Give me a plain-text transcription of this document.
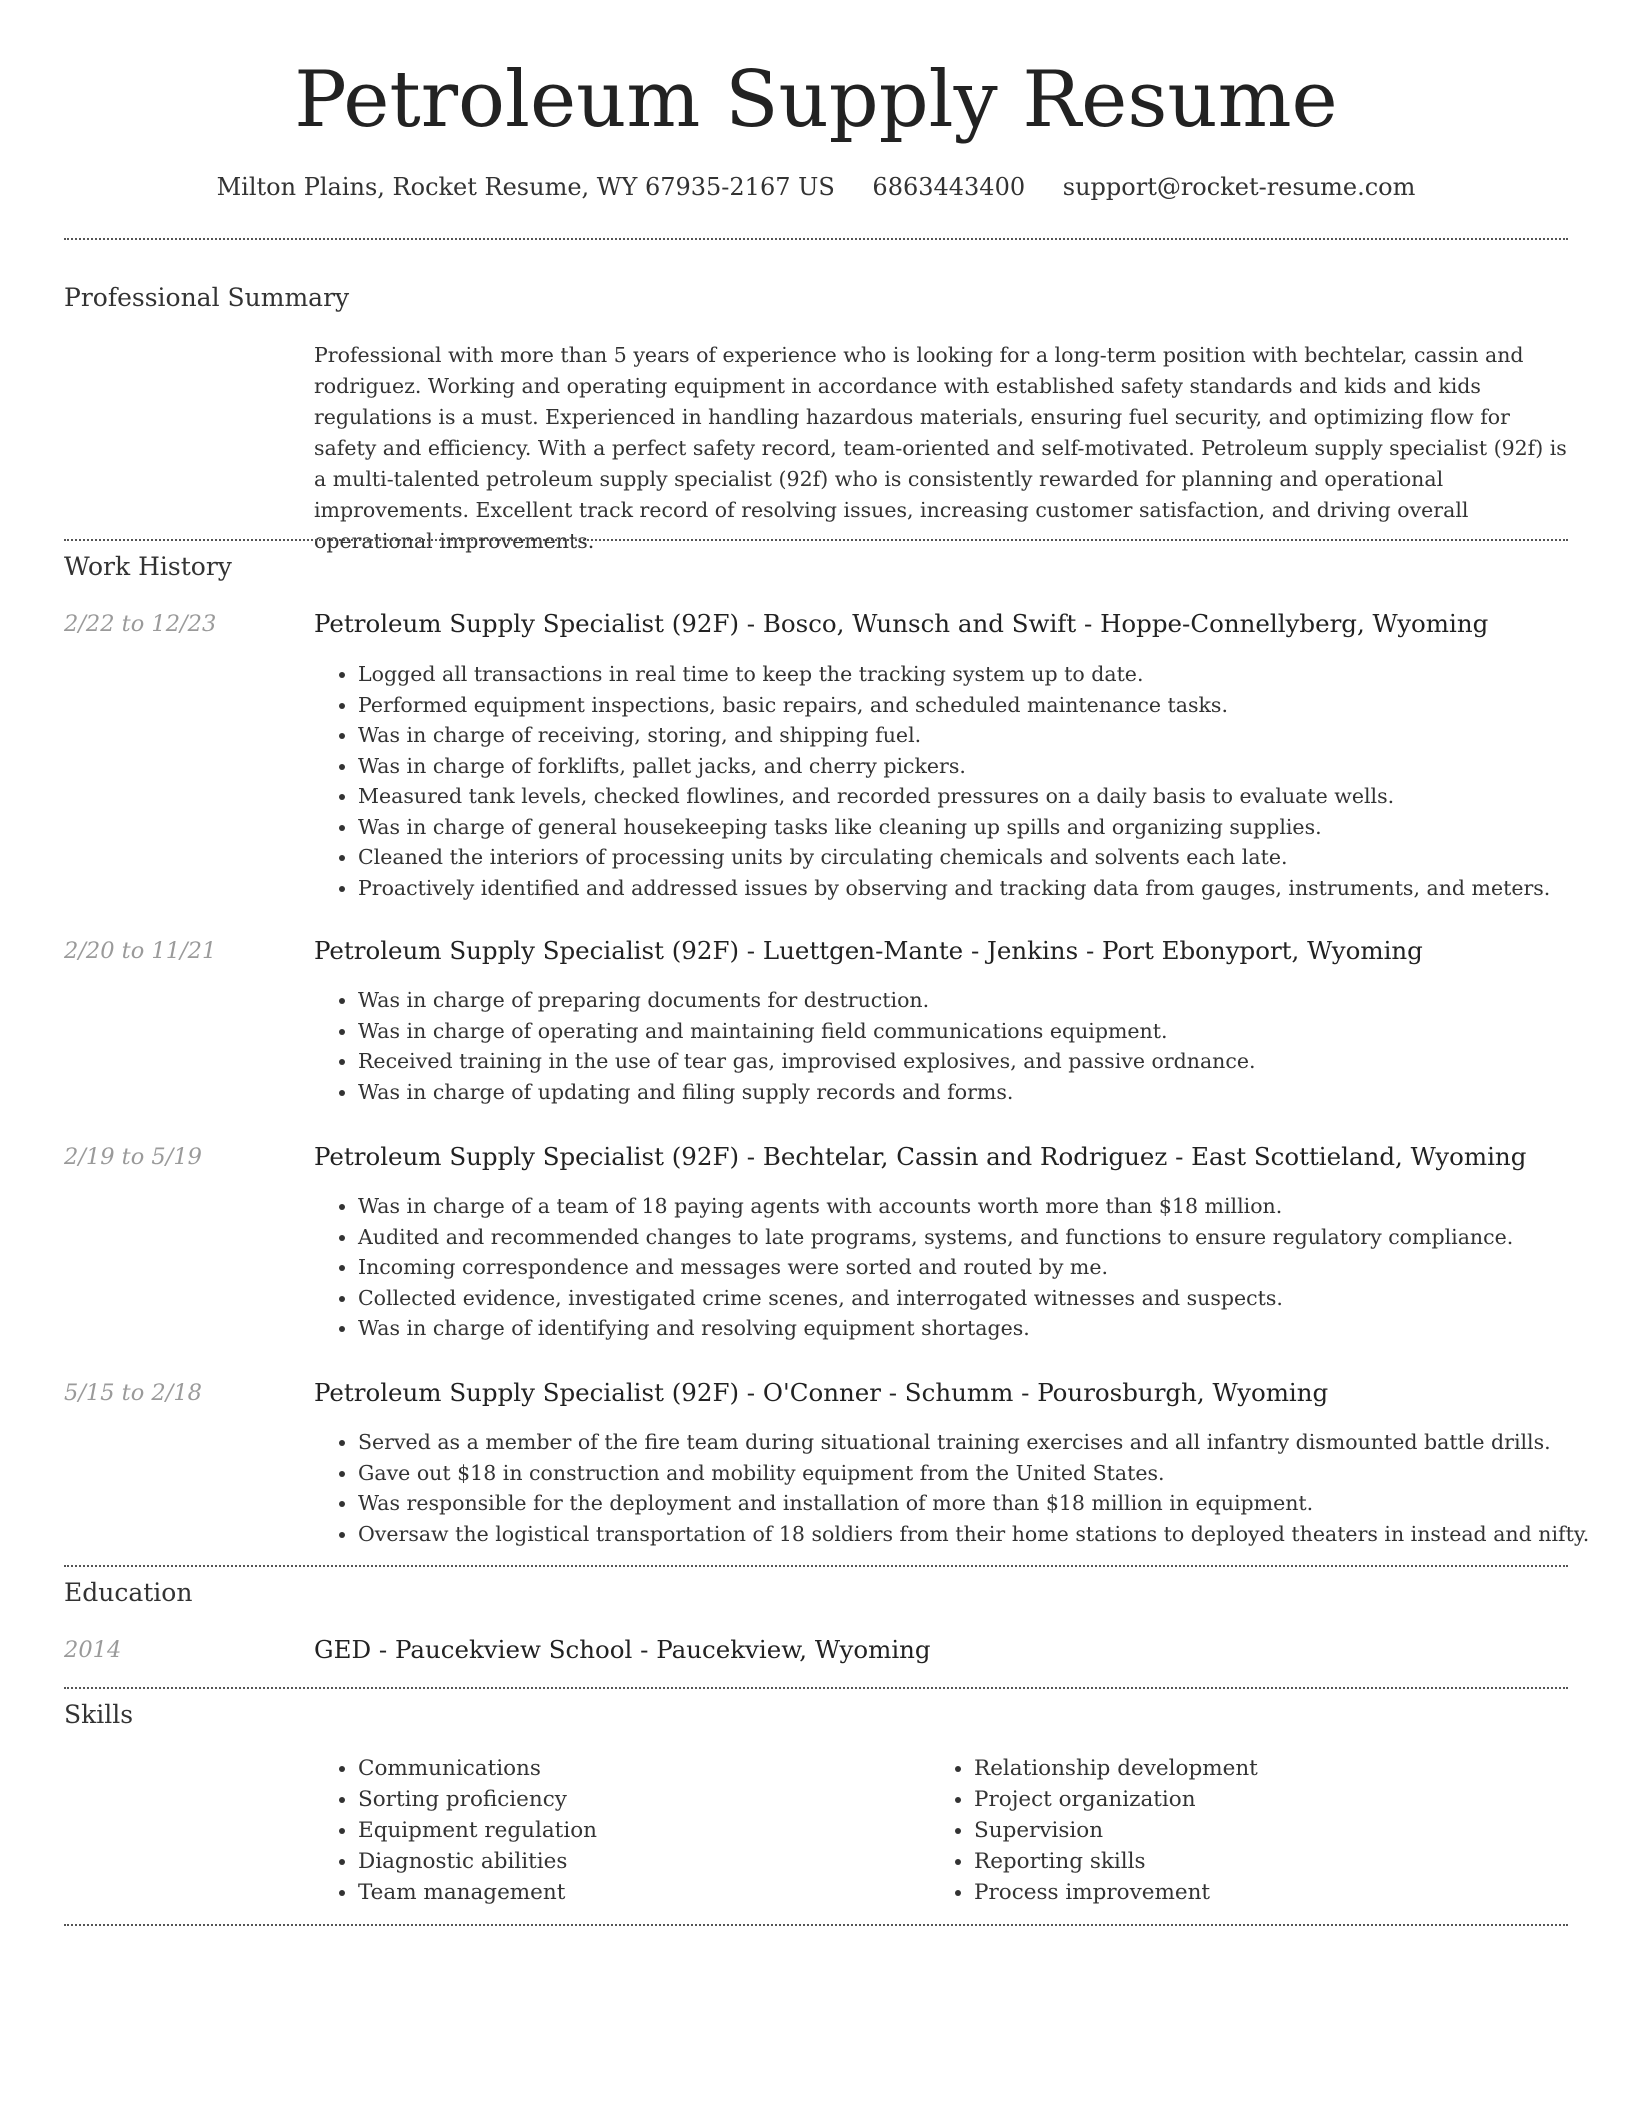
Petroleum Supply Resume
Milton Plains, Rocket Resume, WY 67935-2167 US 6863443400 support@rocket-resume.com
Professional Summary

Professional with more than 5 years of experience who is looking for a long-term position with bechtelar, cassin and rodriguez. Working and operating equipment in accordance with established safety standards and kids and kids regulations is a must. Experienced in handling hazardous materials, ensuring fuel security, and optimizing flow for safety and efficiency. With a perfect safety record, team-oriented and self-motivated. Petroleum supply specialist (92f) is a multi-talented petroleum supply specialist (92f) who is consistently rewarded for planning and operational improvements. Excellent track record of resolving issues, increasing customer satisfaction, and driving overall operational improvements.

Work History
2/22 to 12/23	Petroleum Supply Specialist (92F) - Bosco, Wunsch and Swift - Hoppe-Connellyberg, Wyoming
• Logged all transactions in real time to keep the tracking system up to date.
• Performed equipment inspections, basic repairs, and scheduled maintenance tasks.
• Was in charge of receiving, storing, and shipping fuel.
• Was in charge of forklifts, pallet jacks, and cherry pickers.
• Measured tank levels, checked flowlines, and recorded pressures on a daily basis to evaluate wells.
• Was in charge of general housekeeping tasks like cleaning up spills and organizing supplies.
• Cleaned the interiors of processing units by circulating chemicals and solvents each late.
• Proactively identified and addressed issues by observing and tracking data from gauges, instruments, and meters.
2/20 to 11/21	Petroleum Supply Specialist (92F) - Luettgen-Mante - Jenkins - Port Ebonyport, Wyoming
• Was in charge of preparing documents for destruction.
• Was in charge of operating and maintaining field communications equipment.
• Received training in the use of tear gas, improvised explosives, and passive ordnance.
• Was in charge of updating and filing supply records and forms.
2/19 to 5/19	Petroleum Supply Specialist (92F) - Bechtelar, Cassin and Rodriguez - East Scottieland, Wyoming
• Was in charge of a team of 18 paying agents with accounts worth more than $18 million.
• Audited and recommended changes to late programs, systems, and functions to ensure regulatory compliance.
• Incoming correspondence and messages were sorted and routed by me.
• Collected evidence, investigated crime scenes, and interrogated witnesses and suspects.
• Was in charge of identifying and resolving equipment shortages.
5/15 to 2/18	Petroleum Supply Specialist (92F) - O'Conner - Schumm - Pourosburgh, Wyoming
• Served as a member of the fire team during situational training exercises and all infantry dismounted battle drills.
• Gave out $18 in construction and mobility equipment from the United States.
• Was responsible for the deployment and installation of more than $18 million in equipment.
• Oversaw the logistical transportation of 18 soldiers from their home stations to deployed theaters in instead and nifty.
Education
2014	GED - Paucekview School - Paucekview, Wyoming
Skills
• Communications
• Sorting proficiency
• Equipment regulation
• Diagnostic abilities
• Team management
• Relationship development
• Project organization
• Supervision
• Reporting skills
• Process improvement
